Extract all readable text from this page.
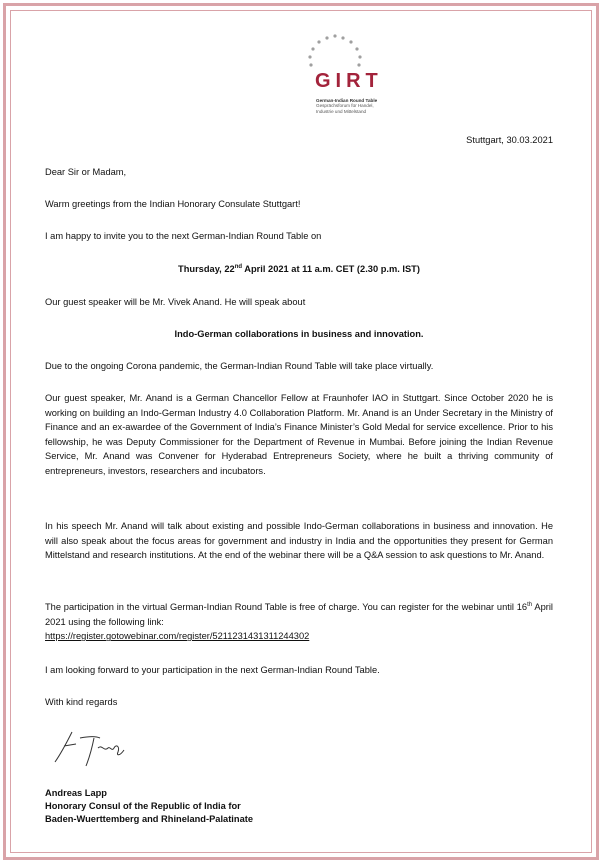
GIRT
German-Indian Round Table
Gesprächsforum für Handel,
Industrie und Mittelstand
Stuttgart, 30.03.2021
Dear Sir or Madam,
Warm greetings from the Indian Honorary Consulate Stuttgart!
I am happy to invite you to the next German-Indian Round Table on
Thursday, 22nd April 2021 at 11 a.m. CET (2.30 p.m. IST)
Our guest speaker will be Mr. Vivek Anand. He will speak about
Indo-German collaborations in business and innovation.
Due to the ongoing Corona pandemic, the German-Indian Round Table will take place virtually.
Our guest speaker, Mr. Anand is a German Chancellor Fellow at Fraunhofer IAO in Stuttgart. Since October 2020 he is working on building an Indo-German Industry 4.0 Collaboration Platform. Mr. Anand is an Under Secretary in the Ministry of Finance and an ex-awardee of the Government of India’s Finance Minister’s Gold Medal for service excellence. Prior to his fellowship, he was Deputy Commissioner for the Department of Revenue in Mumbai. Before joining the Indian Revenue Service, Mr. Anand was Convener for Hyderabad Entrepreneurs Society, where he built a thriving community of entrepreneurs, investors, researchers and incubators.
In his speech Mr. Anand will talk about existing and possible Indo-German collaborations in business and innovation. He will also speak about the focus areas for government and industry in India and the opportunities they present for German Mittelstand and research institutions. At the end of the webinar there will be a Q&A session to ask questions to Mr. Anand.
The participation in the virtual German-Indian Round Table is free of charge. You can register for the webinar until 16th April 2021 using the following link:
https://register.gotowebinar.com/register/5211231431311244302
I am looking forward to your participation in the next German-Indian Round Table.
With kind regards
Andreas Lapp
Honorary Consul of the Republic of India for
Baden-Wuerttemberg and Rhineland-Palatinate
